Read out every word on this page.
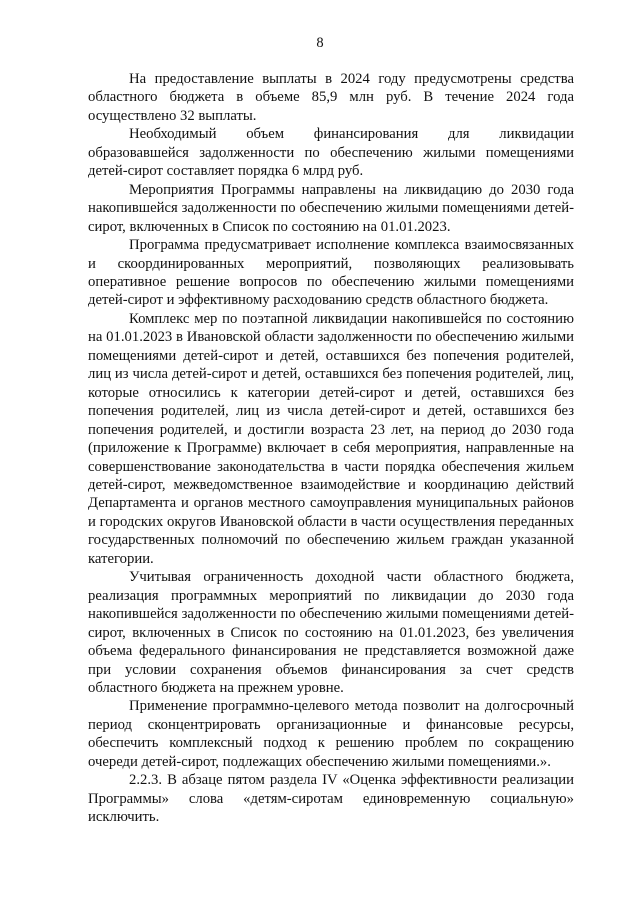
8

На предоставление выплаты в 2024 году предусмотрены средства областного бюджета в объеме 85,9 млн руб. В течение 2024 года осуществлено 32 выплаты.

Необходимый объем финансирования для ликвидации образовавшейся задолженности по обеспечению жилыми помещениями детей-сирот составляет порядка 6 млрд руб.

Мероприятия Программы направлены на ликвидацию до 2030 года накопившейся задолженности по обеспечению жилыми помещениями детей-сирот, включенных в Список по состоянию на 01.01.2023.

Программа предусматривает исполнение комплекса взаимосвязанных и скоординированных мероприятий, позволяющих реализовывать оперативное решение вопросов по обеспечению жилыми помещениями детей-сирот и эффективному расходованию средств областного бюджета.

Комплекс мер по поэтапной ликвидации накопившейся по состоянию на 01.01.2023 в Ивановской области задолженности по обеспечению жилыми помещениями детей-сирот и детей, оставшихся без попечения родителей, лиц из числа детей-сирот и детей, оставшихся без попечения родителей, лиц, которые относились к категории детей-сирот и детей, оставшихся без попечения родителей, лиц из числа детей-сирот и детей, оставшихся без попечения родителей, и достигли возраста 23 лет, на период до 2030 года (приложение к Программе) включает в себя мероприятия, направленные на совершенствование законодательства в части порядка обеспечения жильем детей-сирот, межведомственное взаимодействие и координацию действий Департамента и органов местного самоуправления муниципальных районов и городских округов Ивановской области в части осуществления переданных государственных полномочий по обеспечению жильем граждан указанной категории.

Учитывая ограниченность доходной части областного бюджета, реализация программных мероприятий по ликвидации до 2030 года накопившейся задолженности по обеспечению жилыми помещениями детей-сирот, включенных в Список по состоянию на 01.01.2023, без увеличения объема федерального финансирования не представляется возможной даже при условии сохранения объемов финансирования за счет средств областного бюджета на прежнем уровне.

Применение программно-целевого метода позволит на долгосрочный период сконцентрировать организационные и финансовые ресурсы, обеспечить комплексный подход к решению проблем по сокращению очереди детей-сирот, подлежащих обеспечению жилыми помещениями.».

2.2.3. В абзаце пятом раздела IV «Оценка эффективности реализации Программы» слова «детям-сиротам единовременную социальную» исключить.
